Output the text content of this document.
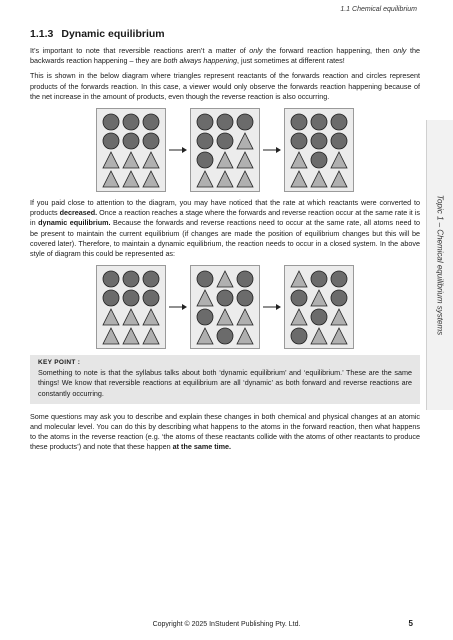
1.1 Chemical equilibrium
Topic 1 – Chemical equilibrium systems
1.1.3 Dynamic equilibrium

It’s important to note that reversible reactions aren’t a matter of only the forward reaction happening, then only the backwards reaction happening – they are both always happening, just sometimes at different rates!

This is shown in the below diagram where triangles represent reactants of the forwards reaction and circles represent products of the forwards reaction. In this case, a viewer would only observe the forwards reaction happening because of the net increase in the amount of products, even though the reverse reaction is also occurring.

If you paid close to attention to the diagram, you may have noticed that the rate at which reactants were converted to products decreased. Once a reaction reaches a stage where the forwards and reverse reaction occur at the same rate it is in dynamic equilibrium. Because the forwards and reverse reactions need to occur at the same rate, all atoms need to be present to maintain the current equilibrium (if changes are made the position of equilibrium changes but this will be covered later). Therefore, to maintain a dynamic equilibrium, the reaction needs to occur in a closed system. In the above style of diagram this could be represented as:

KEY POINT :

Something to note is that the syllabus talks about both ‘dynamic equilibrium’ and ‘equilibrium.’ These are the same things! We know that reversible reactions at equilibrium are all ‘dynamic’ as both forward and reverse reactions are constantly occurring.

Some questions may ask you to describe and explain these changes in both chemical and physical changes at an atomic and molecular level. You can do this by describing what happens to the atoms in the forward reaction, then what happens to the atoms in the reverse reaction (e.g. ‘the atoms of these reactants collide with the atoms of other reactants to produce these products’) and note that these happen at the same time.

Copyright © 2025 InStudent Publishing Pty. Ltd.	5
